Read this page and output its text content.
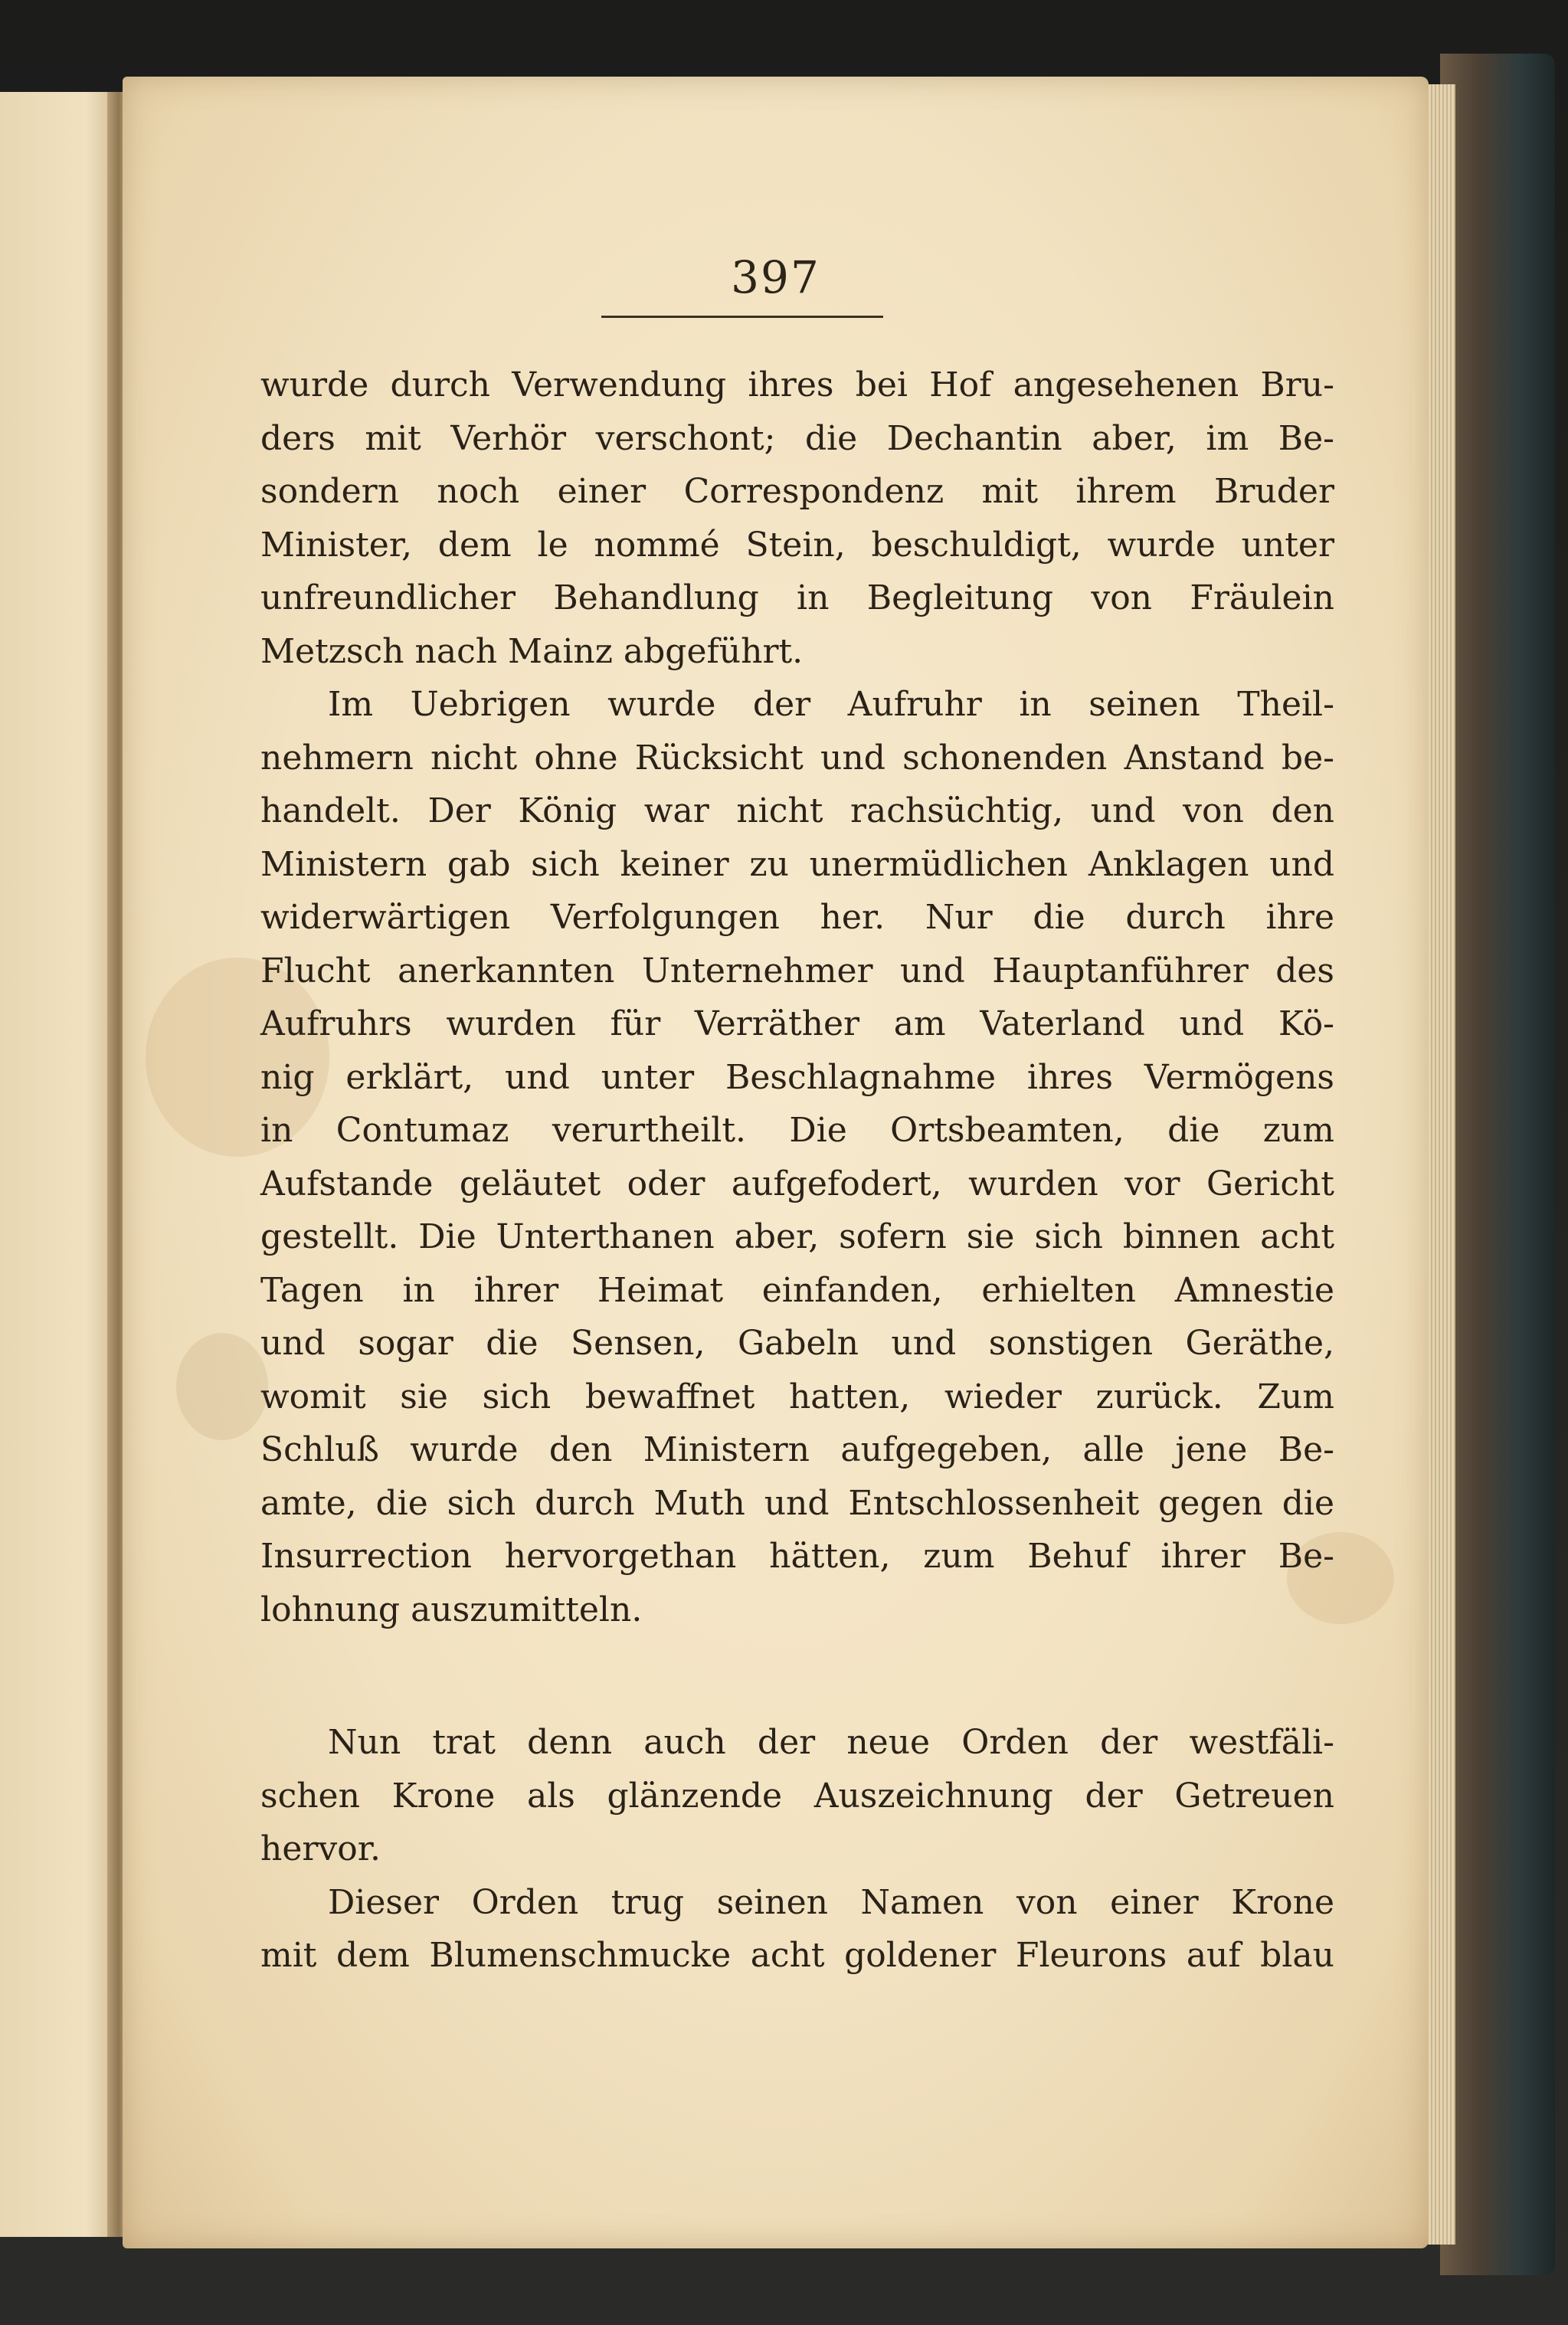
397

wurde durch Verwendung ihres bei Hof angesehenen Bru-
ders mit Verhör verschont; die Dechantin aber, im Be-
sondern noch einer Correspondenz mit ihrem Bruder
Minister, dem le nommé Stein, beschuldigt, wurde unter
unfreundlicher Behandlung in Begleitung von Fräulein
Metzsch nach Mainz abgeführt.

Im Uebrigen wurde der Aufruhr in seinen Theil-
nehmern nicht ohne Rücksicht und schonenden Anstand be-
handelt. Der König war nicht rachsüchtig, und von den
Ministern gab sich keiner zu unermüdlichen Anklagen und
widerwärtigen Verfolgungen her. Nur die durch ihre
Flucht anerkannten Unternehmer und Hauptanführer des
Aufruhrs wurden für Verräther am Vaterland und Kö-
nig erklärt, und unter Beschlagnahme ihres Vermögens
in Contumaz verurtheilt. Die Ortsbeamten, die zum
Aufstande geläutet oder aufgefodert, wurden vor Gericht
gestellt. Die Unterthanen aber, sofern sie sich binnen acht
Tagen in ihrer Heimat einfanden, erhielten Amnestie
und sogar die Sensen, Gabeln und sonstigen Geräthe,
womit sie sich bewaffnet hatten, wieder zurück. Zum
Schluß wurde den Ministern aufgegeben, alle jene Be-
amte, die sich durch Muth und Entschlossenheit gegen die
Insurrection hervorgethan hätten, zum Behuf ihrer Be-
lohnung auszumitteln.

Nun trat denn auch der neue Orden der westfäli-
schen Krone als glänzende Auszeichnung der Getreuen
hervor.

Dieser Orden trug seinen Namen von einer Krone
mit dem Blumenschmucke acht goldener Fleurons auf blau
